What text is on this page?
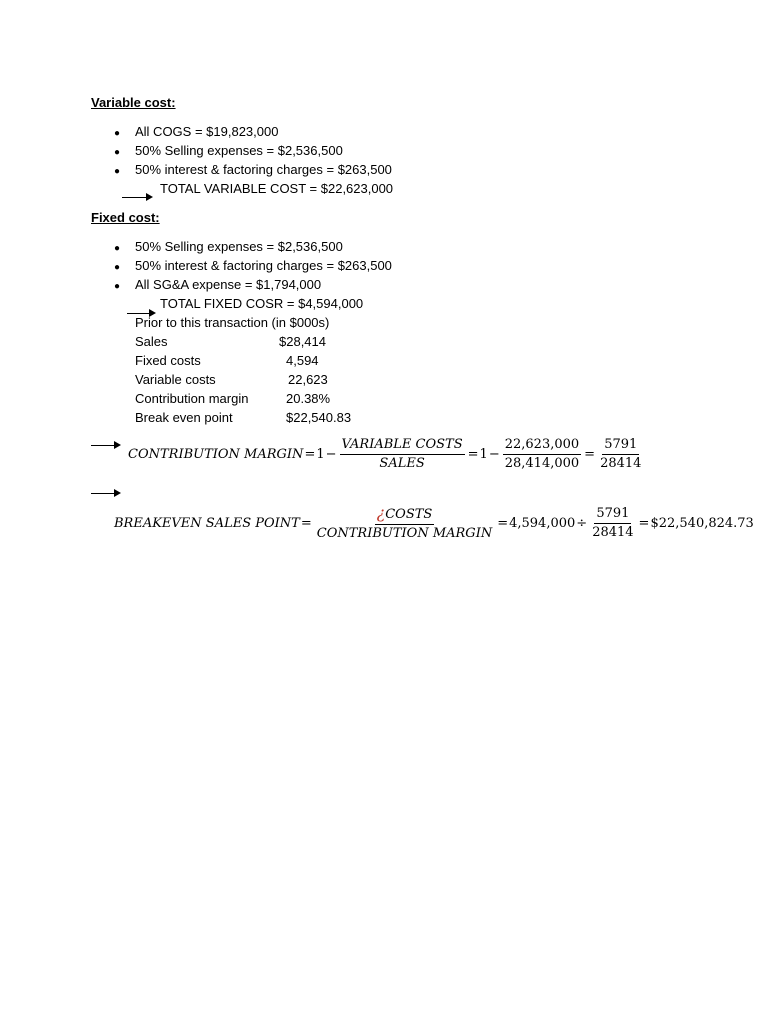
Variable cost:
● All COGS = $19,823,000
● 50% Selling expenses = $2,536,500
● 50% interest & factoring charges = $263,500
TOTAL VARIABLE COST = $22,623,000
Fixed cost:
● 50% Selling expenses = $2,536,500
● 50% interest & factoring charges = $263,500
● All SG&A expense = $1,794,000
TOTAL FIXED COSR = $4,594,000
Prior to this transaction (in $000s)
Sales	$28,414
Fixed costs	4,594
Variable costs	22,623
Contribution margin	20.38%
Break even point	$22,540.83
CONTRIBUTION MARGIN = $1 - \frac{\text{VARIABLE COSTS}}{\text{SALES}} = 1 - \frac{22,623,000}{28,414,000} = \frac{5791}{28414}$
BREAKEVEN SALES POINT = $\frac{\text{¿COSTS}}{\text{CONTRIBUTION MARGIN}} = 4,594,000 \div \frac{5791}{28414}$ = $22,540,824.73
